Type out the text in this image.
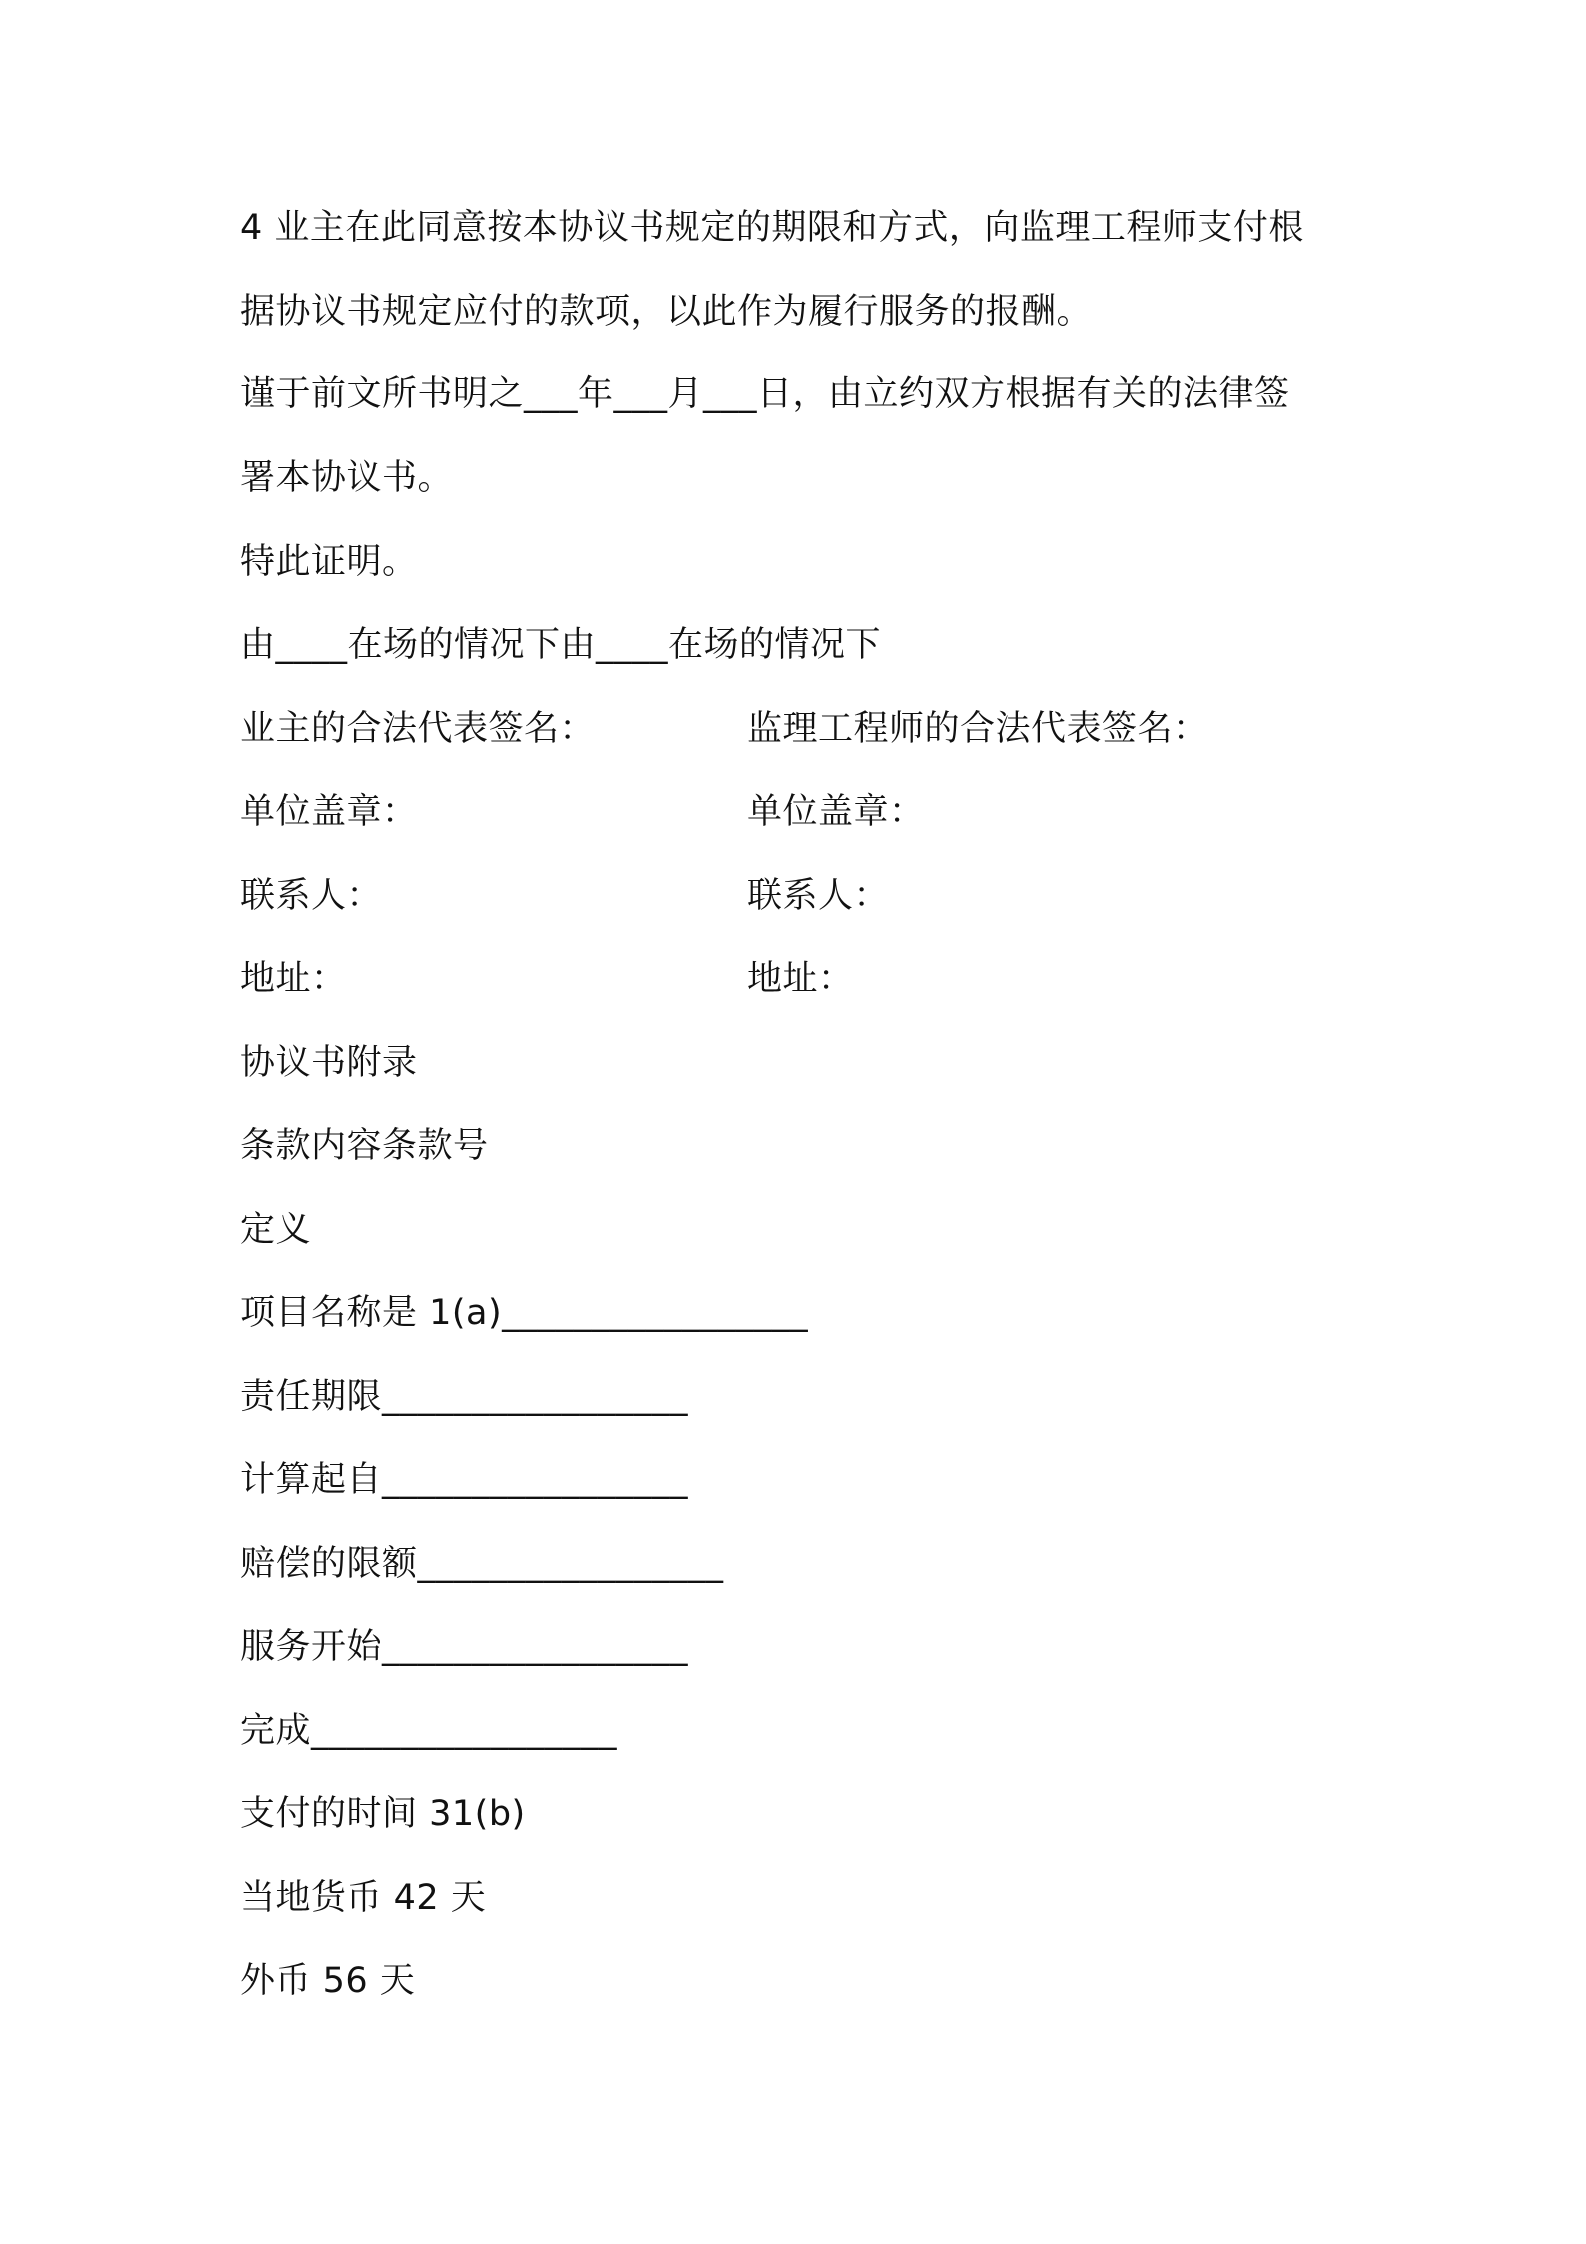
4 业主在此同意按本协议书规定的期限和方式，向监理工程师支付根
据协议书规定应付的款项，以此作为履行服务的报酬。
谨于前文所书明之___年___月___日，由立约双方根据有关的法律签
署本协议书。
特此证明。
由____在场的情况下由____在场的情况下
业主的合法代表签名：	监理工程师的合法代表签名：
单位盖章：	单位盖章：
联系人：	联系人：
地址：	地址：
协议书附录
条款内容条款号
定义
项目名称是 1(a)_________________
责任期限_________________
计算起自_________________
赔偿的限额_________________
服务开始_________________
完成_________________
支付的时间 31(b)
当地货币 42 天
外币 56 天
